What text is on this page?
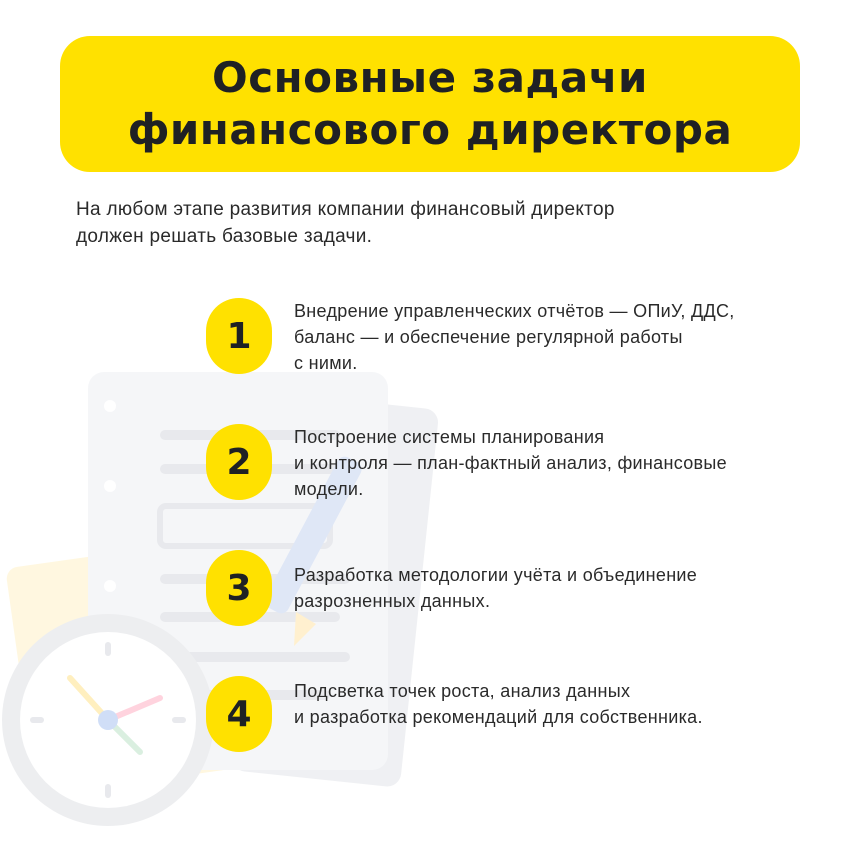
Основные задачи
финансового директора

На любом этапе развития компании финансовый директор
должен решать базовые задачи.

1

Внедрение управленческих отчётов — ОПиУ, ДДС,
баланс — и обеспечение регулярной работы
с ними.

2

Построение системы планирования
и контроля — план-фактный анализ, финансовые
модели.

3	Разработка методологии учёта и объединение
разрозненных данных.

4

Подсветка точек роста, анализ данных
и разработка рекомендаций для собственника.
